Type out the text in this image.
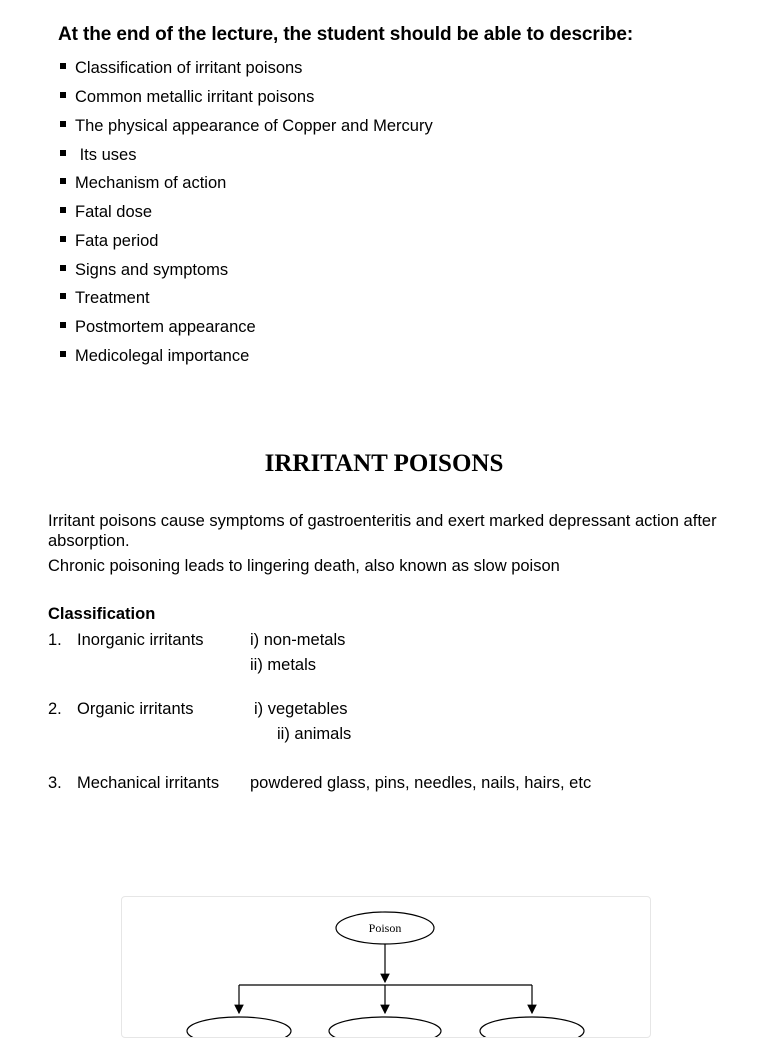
At the end of the lecture, the student should be able to describe:
Classification of irritant poisons
Common metallic irritant poisons
The physical appearance of Copper and Mercury
Its uses
Mechanism of action
Fatal dose
Fata period
Signs and symptoms
Treatment
Postmortem appearance
Medicolegal importance
IRRITANT POISONS
Irritant poisons cause symptoms of gastroenteritis and exert marked depressant action after absorption.
Chronic poisoning leads to lingering death, also known as slow poison
Classification
1. Inorganic irritants	i) non-metals
ii) metals
2. Organic irritants	i) vegetables
ii) animals
3. Mechanical irritants powdered glass, pins, needles, nails, hairs, etc
Poison
